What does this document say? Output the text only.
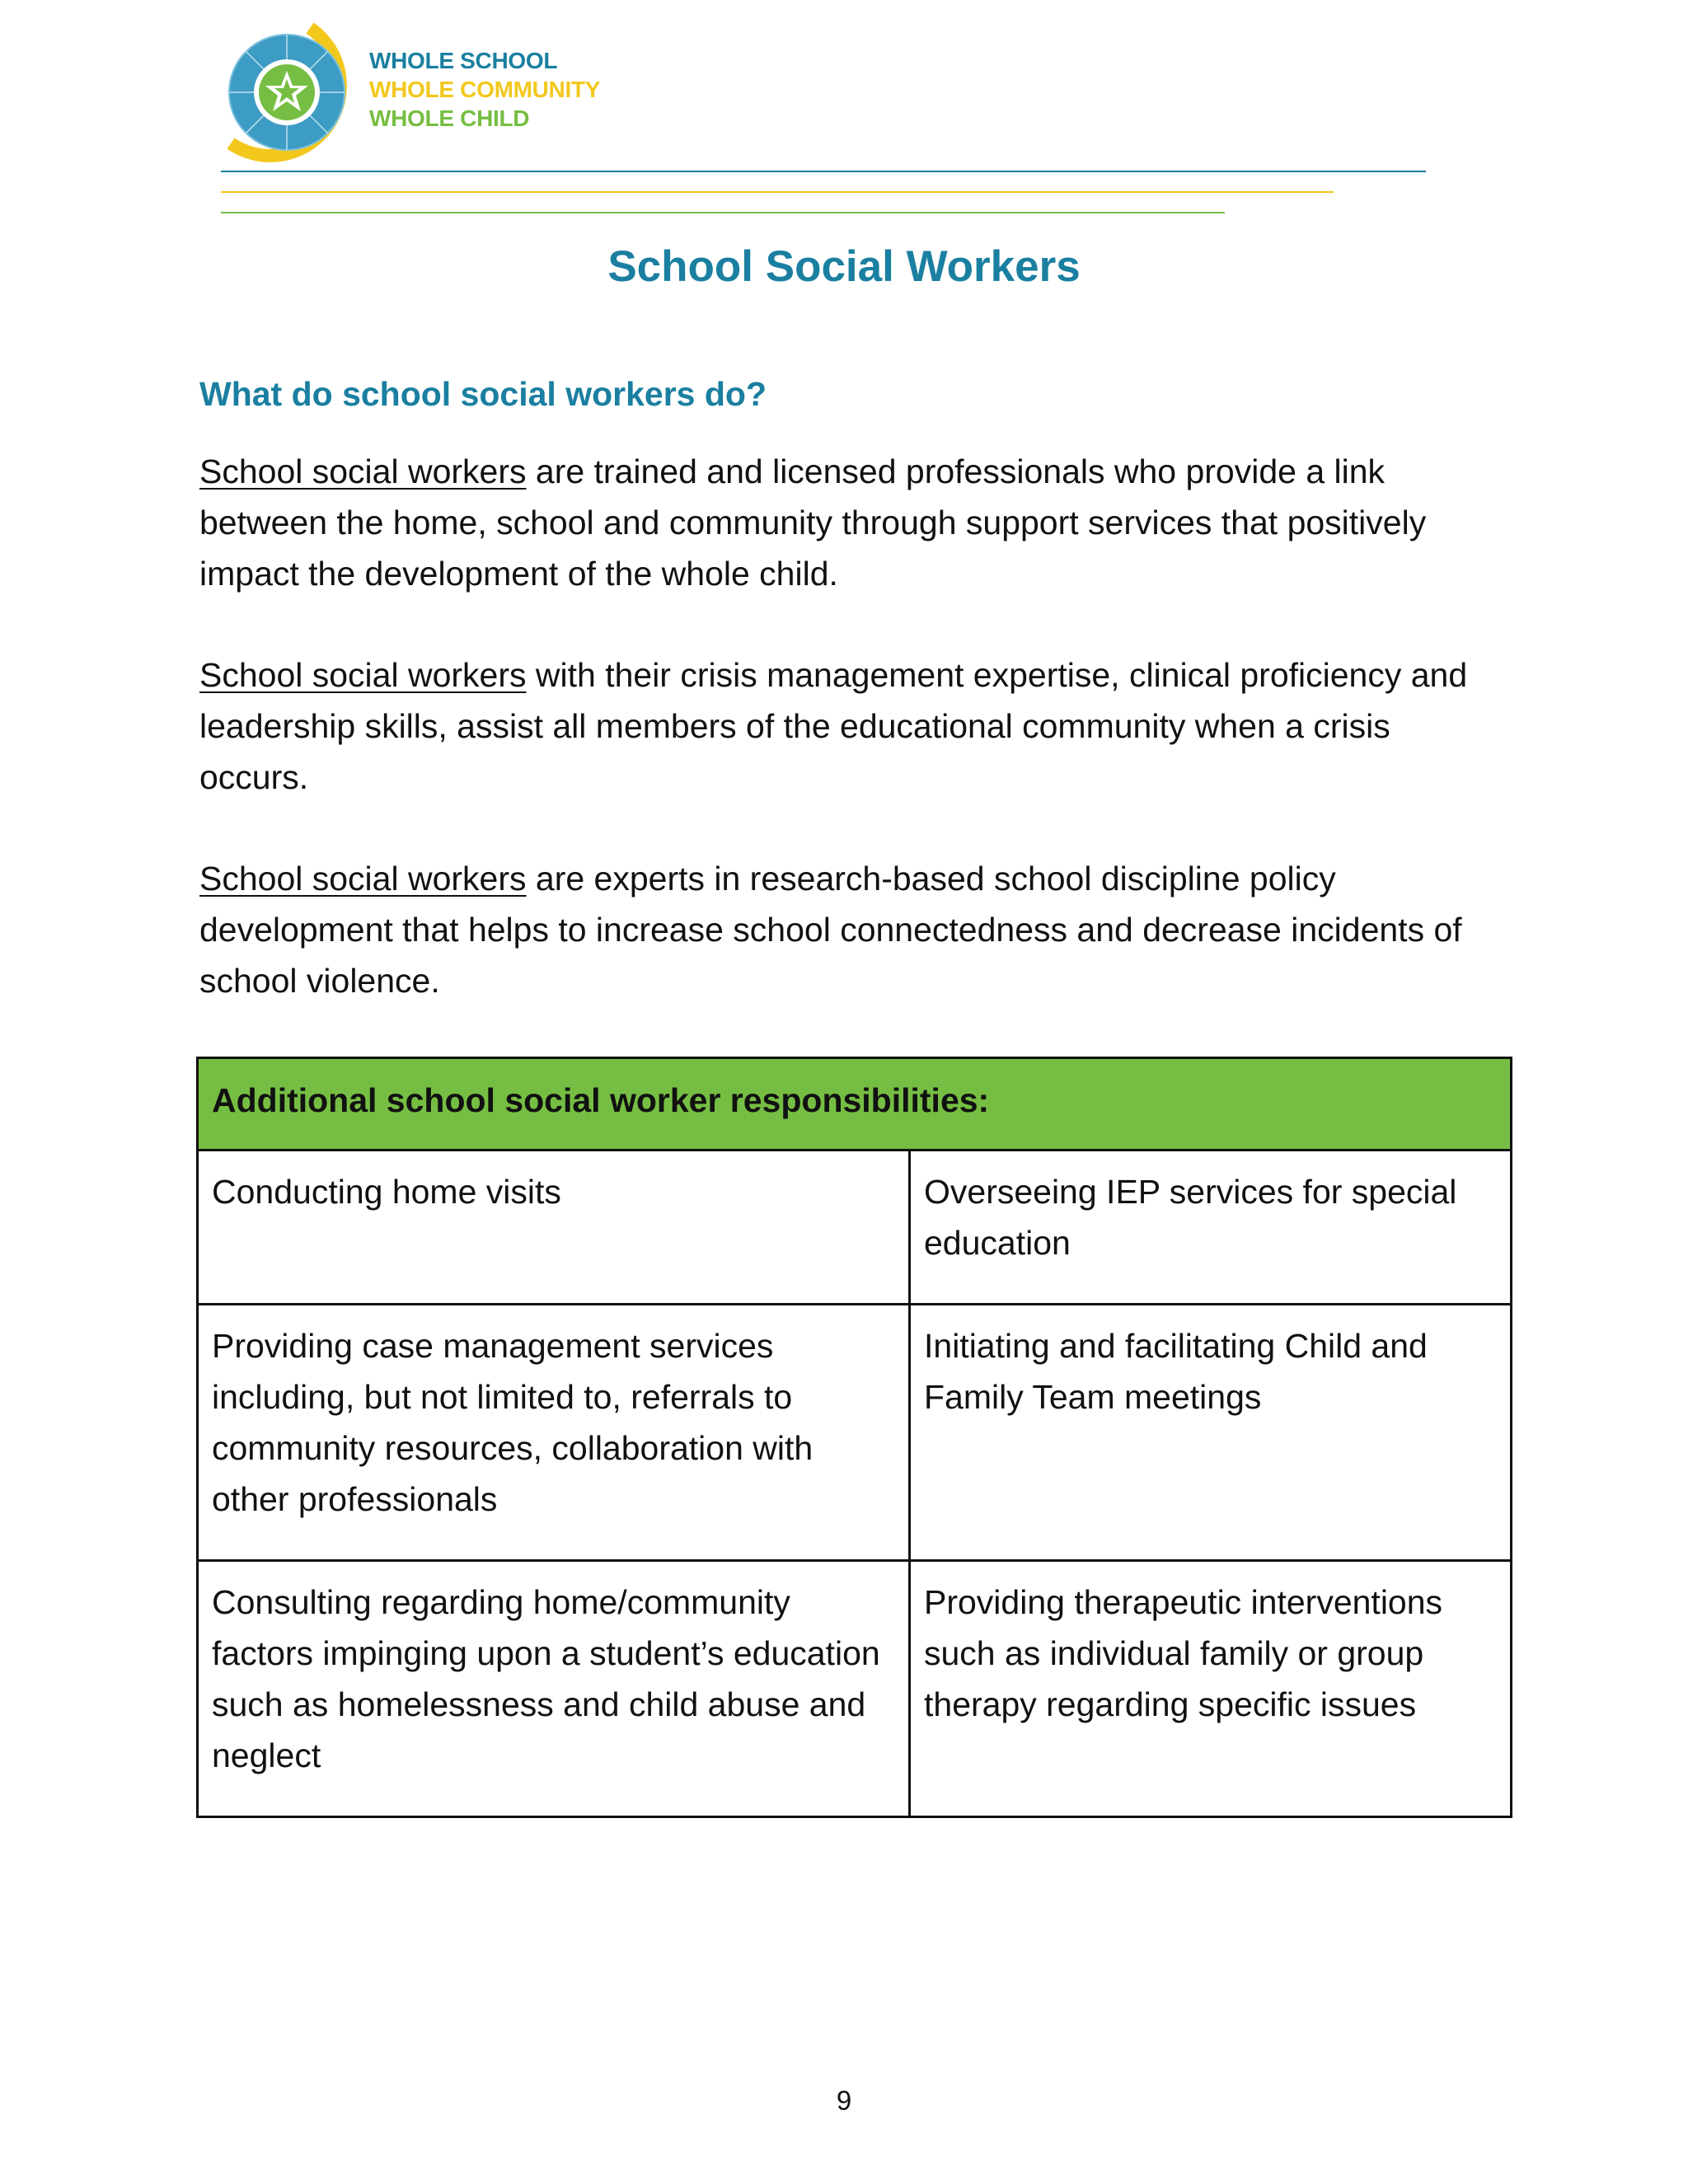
WHOLE SCHOOL
WHOLE COMMUNITY
WHOLE CHILD
School Social Workers
What do school social workers do?
School social workers are trained and licensed professionals who provide a link between the home, school and community through support services that positively impact the development of the whole child.
School social workers with their crisis management expertise, clinical proficiency and leadership skills, assist all members of the educational community when a crisis occurs.
School social workers are experts in research-based school discipline policy development that helps to increase school connectedness and decrease incidents of school violence.
Additional school social worker responsibilities:	
Conducting home visits	Overseeing IEP services for special education
Providing case management services including, but not limited to, referrals to community resources, collaboration with other professionals	Initiating and facilitating Child and Family Team meetings
Consulting regarding home/community factors impinging upon a student’s education such as homelessness and child abuse and neglect	Providing therapeutic interventions such as individual family or group therapy regarding specific issues
9
